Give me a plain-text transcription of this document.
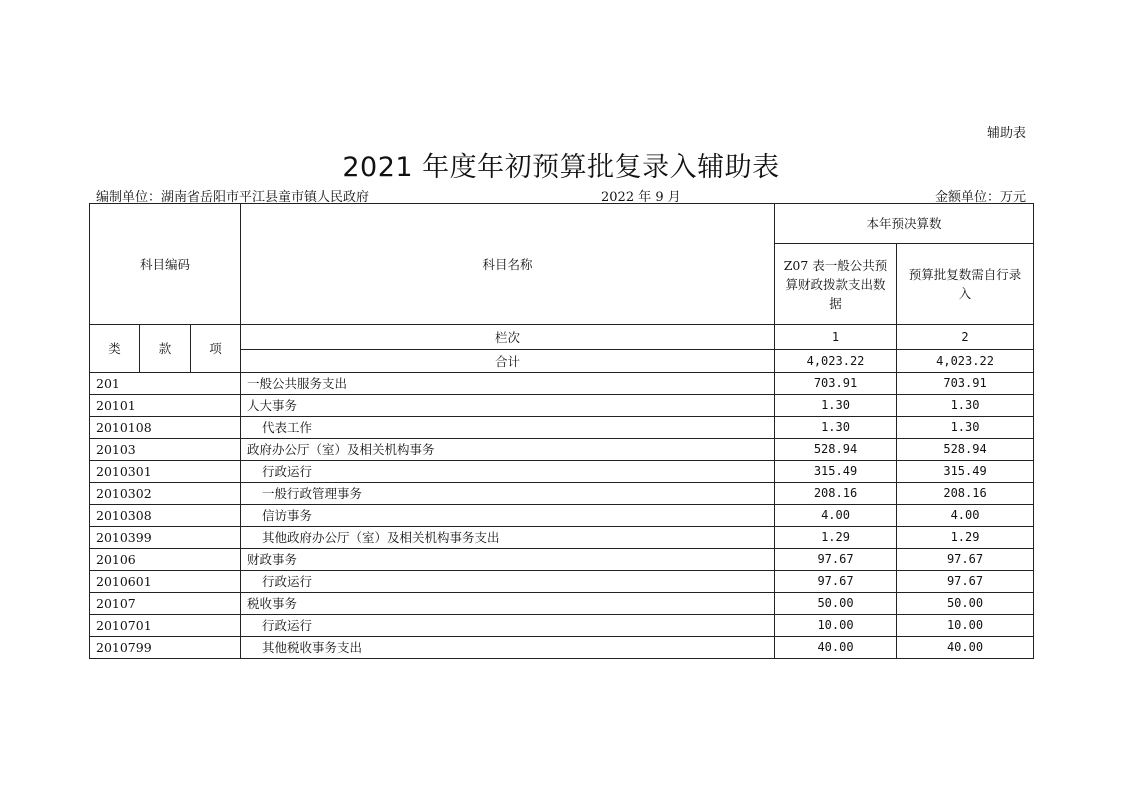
辅助表
2021 年度年初预算批复录入辅助表
编制单位：湖南省岳阳市平江县童市镇人民政府	2022 年 9 月	金额单位：万元
科目编码			科目名称	本年预决算数	
				Z07 表一般公共预算财政拨款支出数据	预算批复数需自行录入
类	款	项	栏次	1	2
			合计	4,023.22	4,023.22
201			一般公共服务支出	703.91	703.91
20101			人大事务	1.30	1.30
2010108			代表工作	1.30	1.30
20103			政府办公厅（室）及相关机构事务	528.94	528.94
2010301			行政运行	315.49	315.49
2010302			一般行政管理事务	208.16	208.16
2010308			信访事务	4.00	4.00
2010399			其他政府办公厅（室）及相关机构事务支出	1.29	1.29
20106			财政事务	97.67	97.67
2010601			行政运行	97.67	97.67
20107			税收事务	50.00	50.00
2010701			行政运行	10.00	10.00
2010799			其他税收事务支出	40.00	40.00
